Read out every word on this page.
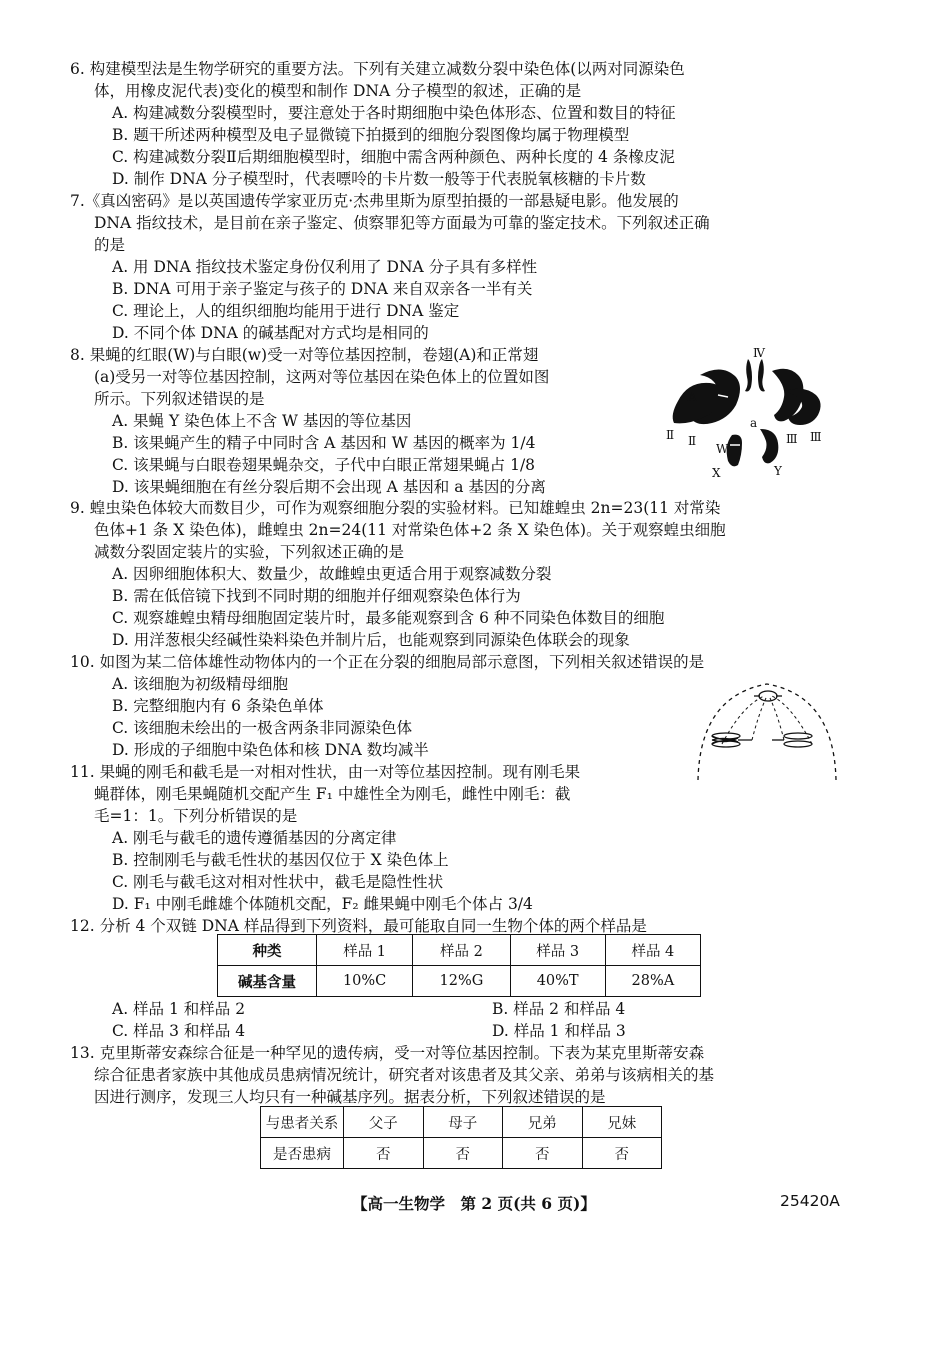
6. 构建模型法是生物学研究的重要方法。下列有关建立减数分裂中染色体(以两对同源染色
体，用橡皮泥代表)变化的模型和制作 DNA 分子模型的叙述，正确的是
A. 构建减数分裂模型时，要注意处于各时期细胞中染色体形态、位置和数目的特征
B. 题干所述两种模型及电子显微镜下拍摄到的细胞分裂图像均属于物理模型
C. 构建减数分裂Ⅱ后期细胞模型时，细胞中需含两种颜色、两种长度的 4 条橡皮泥
D. 制作 DNA 分子模型时，代表嘌呤的卡片数一般等于代表脱氧核糖的卡片数
7.《真凶密码》是以英国遗传学家亚历克·杰弗里斯为原型拍摄的一部悬疑电影。他发展的
DNA 指纹技术，是目前在亲子鉴定、侦察罪犯等方面最为可靠的鉴定技术。下列叙述正确
的是
A. 用 DNA 指纹技术鉴定身份仅利用了 DNA 分子具有多样性
B. DNA 可用于亲子鉴定与孩子的 DNA 来自双亲各一半有关
C. 理论上，人的组织细胞均能用于进行 DNA 鉴定
D. 不同个体 DNA 的碱基配对方式均是相同的
8. 果蝇的红眼(W)与白眼(w)受一对等位基因控制，卷翅(A)和正常翅
(a)受另一对等位基因控制，这两对等位基因在染色体上的位置如图
所示。下列叙述错误的是
A. 果蝇 Y 染色体上不含 W 基因的等位基因
B. 该果蝇产生的精子中同时含 A 基因和 W 基因的概率为 1/4
C. 该果蝇与白眼卷翅果蝇杂交，子代中白眼正常翅果蝇占 1/8
D. 该果蝇细胞在有丝分裂后期不会出现 A 基因和 a 基因的分离
Ⅳ
A
a
Ⅱ Ⅱ	Ⅲ Ⅲ
W
X	Y
9. 蝗虫染色体较大而数目少，可作为观察细胞分裂的实验材料。已知雄蝗虫 2n=23(11 对常染
色体+1 条 X 染色体)，雌蝗虫 2n=24(11 对常染色体+2 条 X 染色体)。关于观察蝗虫细胞
减数分裂固定装片的实验，下列叙述正确的是
A. 因卵细胞体积大、数量少，故雌蝗虫更适合用于观察减数分裂
B. 需在低倍镜下找到不同时期的细胞并仔细观察染色体行为
C. 观察雄蝗虫精母细胞固定装片时，最多能观察到含 6 种不同染色体数目的细胞
D. 用洋葱根尖经碱性染料染色并制片后，也能观察到同源染色体联会的现象
10. 如图为某二倍体雄性动物体内的一个正在分裂的细胞局部示意图，下列相关叙述错误的是
A. 该细胞为初级精母细胞
B. 完整细胞内有 6 条染色单体
C. 该细胞未绘出的一极含两条非同源染色体
D. 形成的子细胞中染色体和核 DNA 数均减半
11. 果蝇的刚毛和截毛是一对相对性状，由一对等位基因控制。现有刚毛果
蝇群体，刚毛果蝇随机交配产生 F₁ 中雄性全为刚毛，雌性中刚毛：截
毛=1：1。下列分析错误的是
A. 刚毛与截毛的遗传遵循基因的分离定律
B. 控制刚毛与截毛性状的基因仅位于 X 染色体上
C. 刚毛与截毛这对相对性状中，截毛是隐性性状
D. F₁ 中刚毛雌雄个体随机交配，F₂ 雌果蝇中刚毛个体占 3/4
12. 分析 4 个双链 DNA 样品得到下列资料，最可能取自同一生物个体的两个样品是
种类	样品 1	样品 2	样品 3	样品 4
碱基含量	10%C	12%G	40%T	28%A
A. 样品 1 和样品 2	B. 样品 2 和样品 4
C. 样品 3 和样品 4	D. 样品 1 和样品 3
13. 克里斯蒂安森综合征是一种罕见的遗传病，受一对等位基因控制。下表为某克里斯蒂安森
综合征患者家族中其他成员患病情况统计，研究者对该患者及其父亲、弟弟与该病相关的基
因进行测序，发现三人均只有一种碱基序列。据表分析，下列叙述错误的是
与患者关系	父子	母子	兄弟	兄妹
是否患病	否	否	否	否
【高一生物学　第 2 页(共 6 页)】	25420A
